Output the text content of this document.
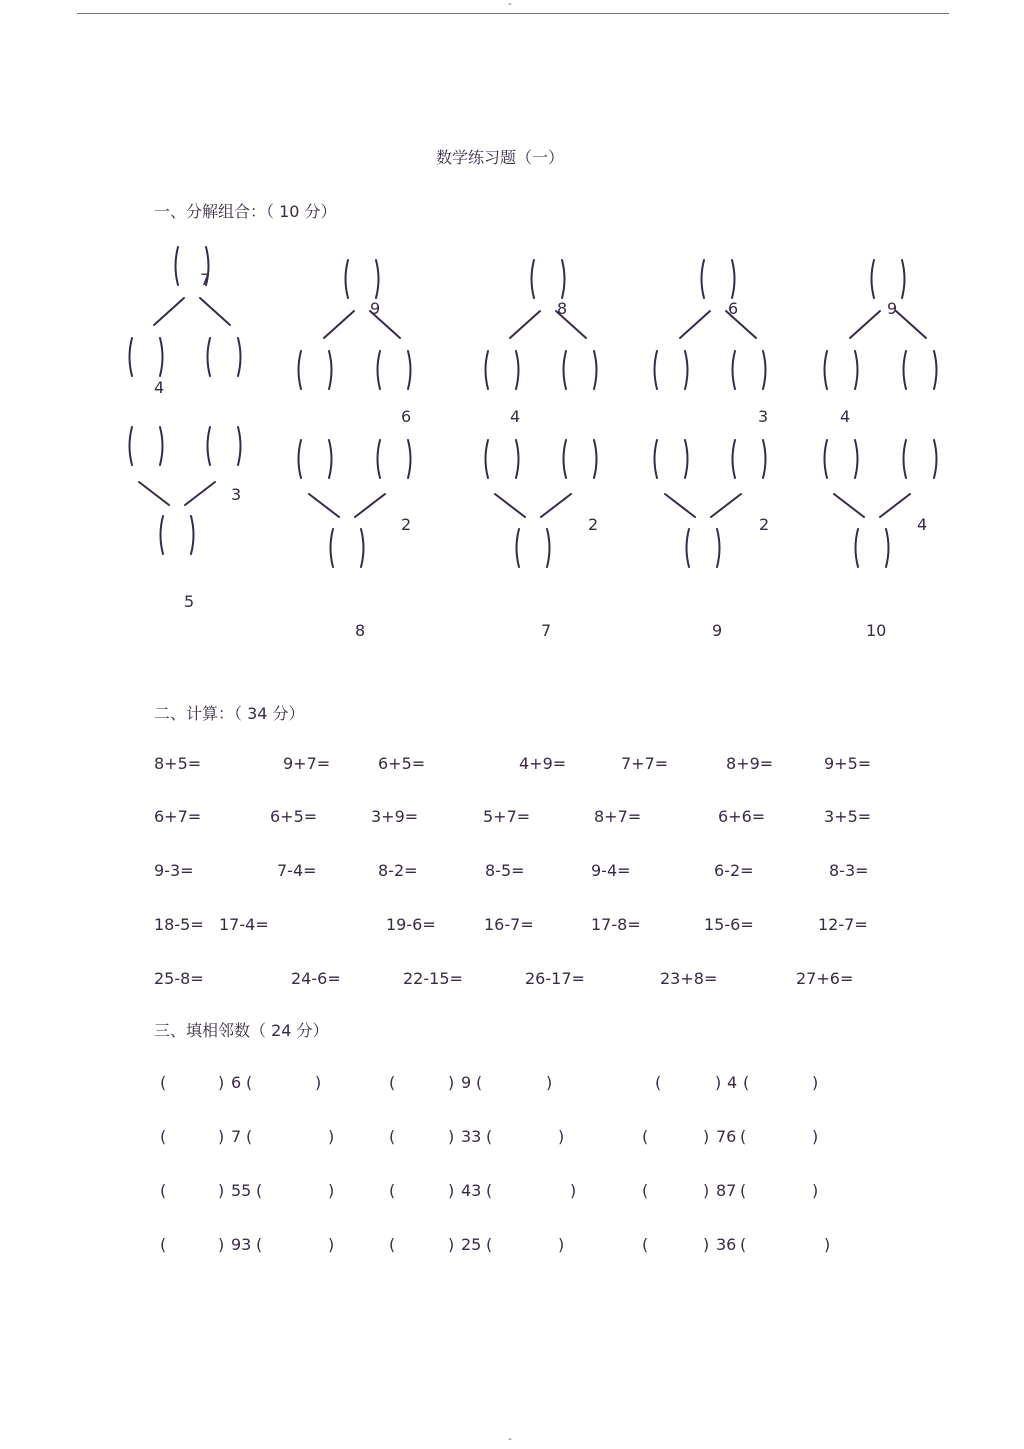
-
-
数学练习题（一）
一、分解组合：（ 10 分）
7
4
9
6
8
4
6
3
9
4
3
5
2
8
2
7
2
9
4
10
二、计算：（ 34 分）
8+5=	9+7=	6+5=	4+9=	7+7=	8+9=	9+5=
6+7=	6+5=	3+9=	5+7=	8+7=	6+6=	3+5=
9-3=	7-4=	8-2=	8-5=	9-4=	6-2=	8-3=
18-5= 17-4=	19-6=	16-7=	17-8=	15-6=	12-7=
25-8=	24-6=	22-15=	26-17=	23+8=	27+6=
三、填相邻数（ 24 分）
(	) 6 (	)	(	) 9 (	)	(	) 4 (	)
(	) 7 (	)	(	) 33 (	)	(	) 76 (	)
(	) 55 (	)	(	) 43 (	)	(	) 87 (	)
(	) 93 (	)	(	) 25 (	)	(	) 36 (	)
